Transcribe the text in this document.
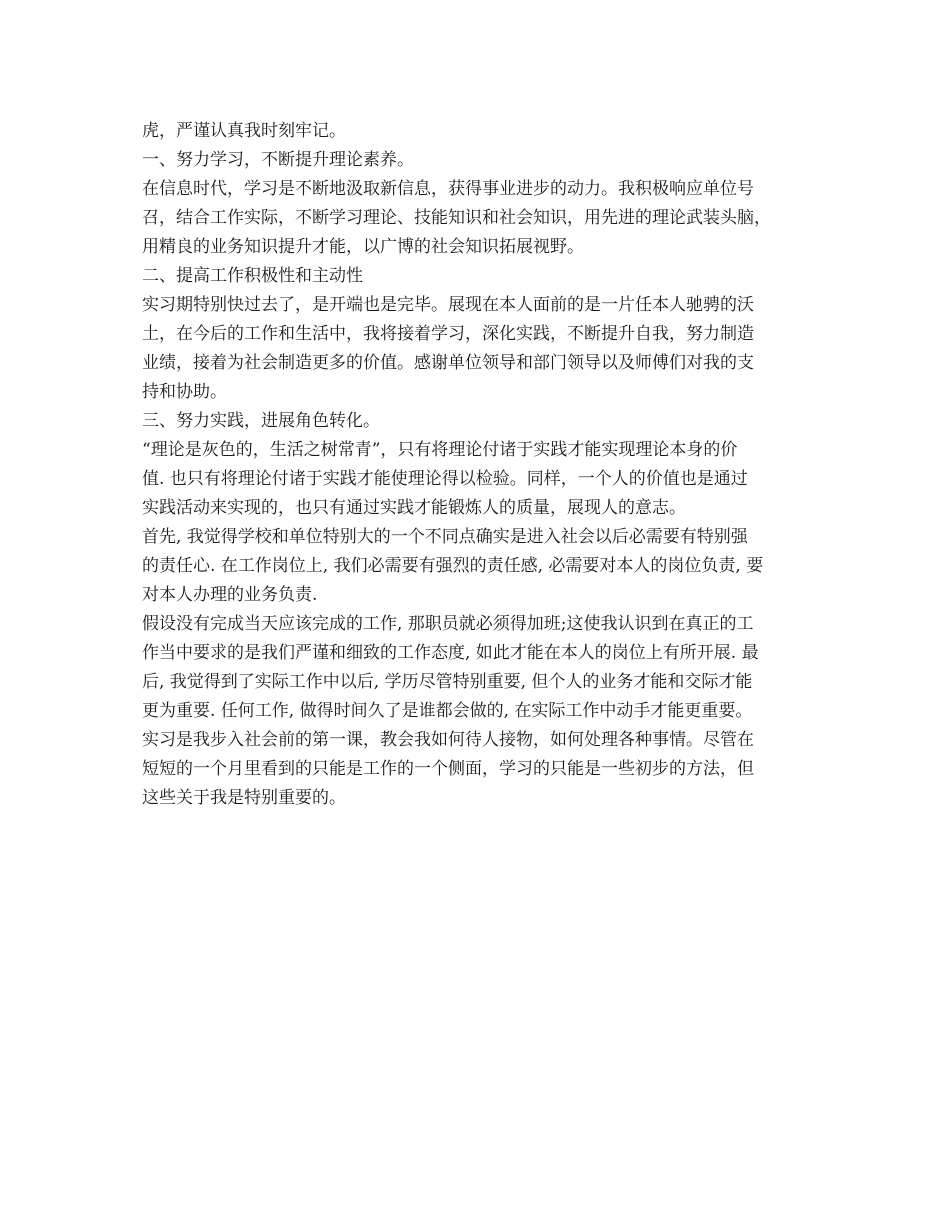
虎，严谨认真我时刻牢记。
一、努力学习，不断提升理论素养。
在信息时代，学习是不断地汲取新信息，获得事业进步的动力。我积极响应单位号
召，结合工作实际，不断学习理论、技能知识和社会知识，用先进的理论武装头脑，
用精良的业务知识提升才能，以广博的社会知识拓展视野。
二、提高工作积极性和主动性
实习期特别快过去了，是开端也是完毕。展现在本人面前的是一片任本人驰骋的沃
土，在今后的工作和生活中，我将接着学习，深化实践，不断提升自我，努力制造
业绩，接着为社会制造更多的价值。感谢单位领导和部门领导以及师傅们对我的支
持和协助。
三、努力实践，进展角色转化。
“理论是灰色的，生活之树常青”，只有将理论付诸于实践才能实现理论本身的价
值. 也只有将理论付诸于实践才能使理论得以检验。同样，一个人的价值也是通过
实践活动来实现的，也只有通过实践才能锻炼人的质量，展现人的意志。
首先, 我觉得学校和单位特别大的一个不同点确实是进入社会以后必需要有特别强
的责任心. 在工作岗位上, 我们必需要有强烈的责任感, 必需要对本人的岗位负责, 要
对本人办理的业务负责.
假设没有完成当天应该完成的工作, 那职员就必须得加班;这使我认识到在真正的工
作当中要求的是我们严谨和细致的工作态度, 如此才能在本人的岗位上有所开展. 最
后, 我觉得到了实际工作中以后, 学历尽管特别重要, 但个人的业务才能和交际才能
更为重要. 任何工作, 做得时间久了是谁都会做的, 在实际工作中动手才能更重要。
实习是我步入社会前的第一课，教会我如何待人接物，如何处理各种事情。尽管在
短短的一个月里看到的只能是工作的一个侧面，学习的只能是一些初步的方法，但
这些关于我是特别重要的。
